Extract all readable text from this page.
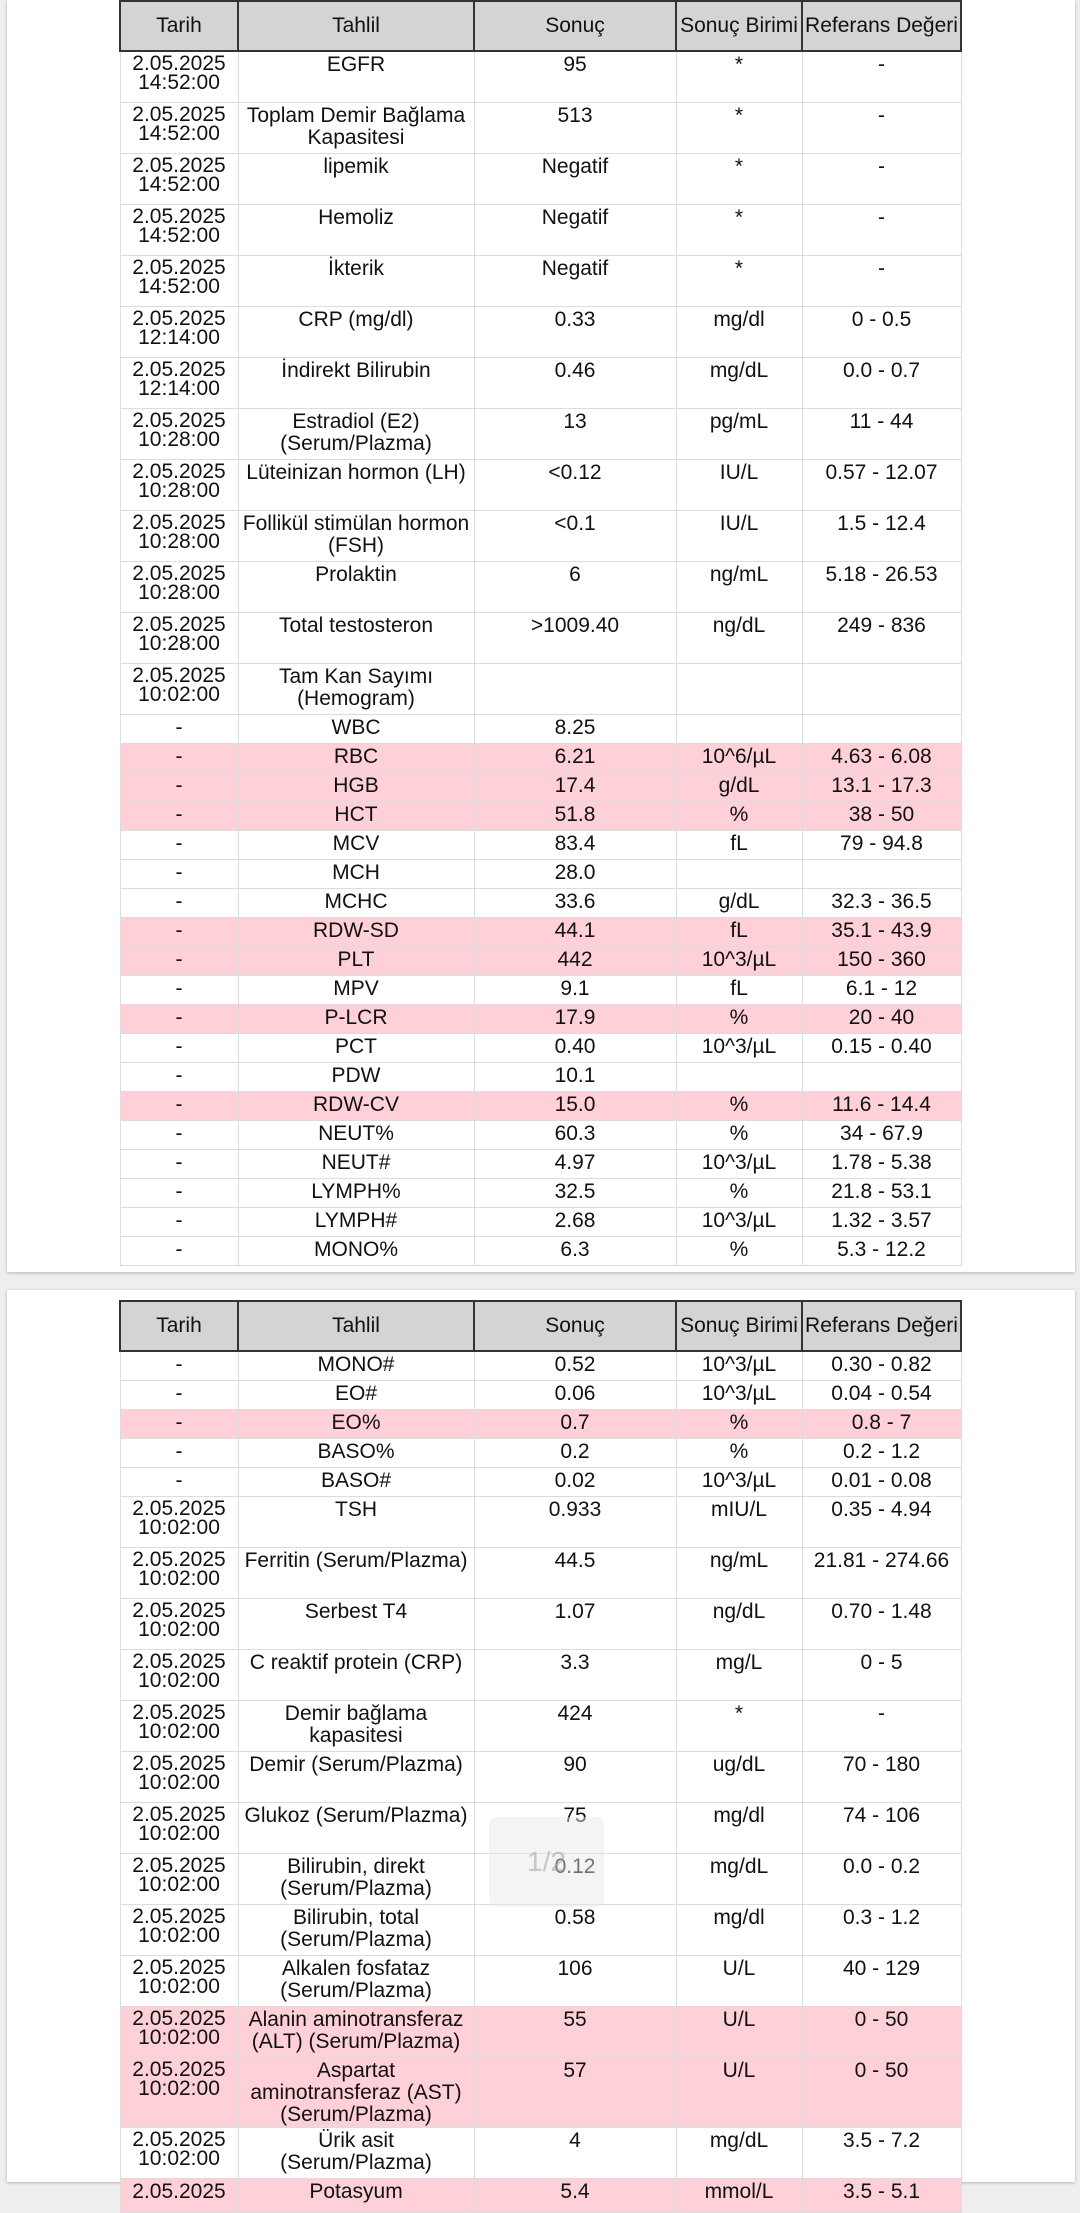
Tarih	Tahlil	Sonuç	Sonuç Birimi	Referans Değeri
2.05.2025 14:52:00	EGFR	95	*	-
2.05.2025 14:52:00	Toplam Demir Bağlama Kapasitesi	513	*	-
2.05.2025 14:52:00	lipemik	Negatif	*	-
2.05.2025 14:52:00	Hemoliz	Negatif	*	-
2.05.2025 14:52:00	İkterik	Negatif	*	-
2.05.2025 12:14:00	CRP (mg/dl)	0.33	mg/dl	0 - 0.5
2.05.2025 12:14:00	İndirekt Bilirubin	0.46	mg/dL	0.0 - 0.7
2.05.2025 10:28:00	Estradiol (E2) (Serum/Plazma)	13	pg/mL	11 - 44
2.05.2025 10:28:00	Lüteinizan hormon (LH)	<0.12	IU/L	0.57 - 12.07
2.05.2025 10:28:00	Follikül stimülan hormon (FSH)	<0.1	IU/L	1.5 - 12.4
2.05.2025 10:28:00	Prolaktin	6	ng/mL	5.18 - 26.53
2.05.2025 10:28:00	Total testosteron	>1009.40	ng/dL	249 - 836
2.05.2025 10:02:00	Tam Kan Sayımı (Hemogram)			
-	WBC	8.25		
-	RBC	6.21	10^6/µL	4.63 - 6.08
-	HGB	17.4	g/dL	13.1 - 17.3
-	HCT	51.8	%	38 - 50
-	MCV	83.4	fL	79 - 94.8
-	MCH	28.0		
-	MCHC	33.6	g/dL	32.3 - 36.5
-	RDW-SD	44.1	fL	35.1 - 43.9
-	PLT	442	10^3/µL	150 - 360
-	MPV	9.1	fL	6.1 - 12
-	P-LCR	17.9	%	20 - 40
-	PCT	0.40	10^3/µL	0.15 - 0.40
-	PDW	10.1		
-	RDW-CV	15.0	%	11.6 - 14.4
-	NEUT%	60.3	%	34 - 67.9
-	NEUT#	4.97	10^3/µL	1.78 - 5.38
-	LYMPH%	32.5	%	21.8 - 53.1
-	LYMPH#	2.68	10^3/µL	1.32 - 3.57
-	MONO%	6.3	%	5.3 - 12.2
Tarih	Tahlil	Sonuç	Sonuç Birimi	Referans Değeri
-	MONO#	0.52	10^3/µL	0.30 - 0.82
-	EO#	0.06	10^3/µL	0.04 - 0.54
-	EO%	0.7	%	0.8 - 7
-	BASO%	0.2	%	0.2 - 1.2
-	BASO#	0.02	10^3/µL	0.01 - 0.08
2.05.2025 10:02:00	TSH	0.933	mIU/L	0.35 - 4.94
2.05.2025 10:02:00	Ferritin (Serum/Plazma)	44.5	ng/mL	21.81 - 274.66
2.05.2025 10:02:00	Serbest T4	1.07	ng/dL	0.70 - 1.48
2.05.2025 10:02:00	C reaktif protein (CRP)	3.3	mg/L	0 - 5
2.05.2025 10:02:00	Demir bağlama kapasitesi	424	*	-
2.05.2025 10:02:00	Demir (Serum/Plazma)	90	ug/dL	70 - 180
2.05.2025 10:02:00	Glukoz (Serum/Plazma)	75	mg/dl	74 - 106
2.05.2025 10:02:00	Bilirubin, direkt (Serum/Plazma)	0.12	mg/dL	0.0 - 0.2
2.05.2025 10:02:00	Bilirubin, total (Serum/Plazma)	0.58	mg/dl	0.3 - 1.2
2.05.2025 10:02:00	Alkalen fosfataz (Serum/Plazma)	106	U/L	40 - 129
2.05.2025 10:02:00	Alanin aminotransferaz (ALT) (Serum/Plazma)	55	U/L	0 - 50
2.05.2025 10:02:00	Aspartat aminotransferaz (AST) (Serum/Plazma)	57	U/L	0 - 50
2.05.2025 10:02:00	Ürik asit (Serum/Plazma)	4	mg/dL	3.5 - 7.2
2.05.2025	Potasyum	5.4	mmol/L	3.5 - 5.1
1/2
